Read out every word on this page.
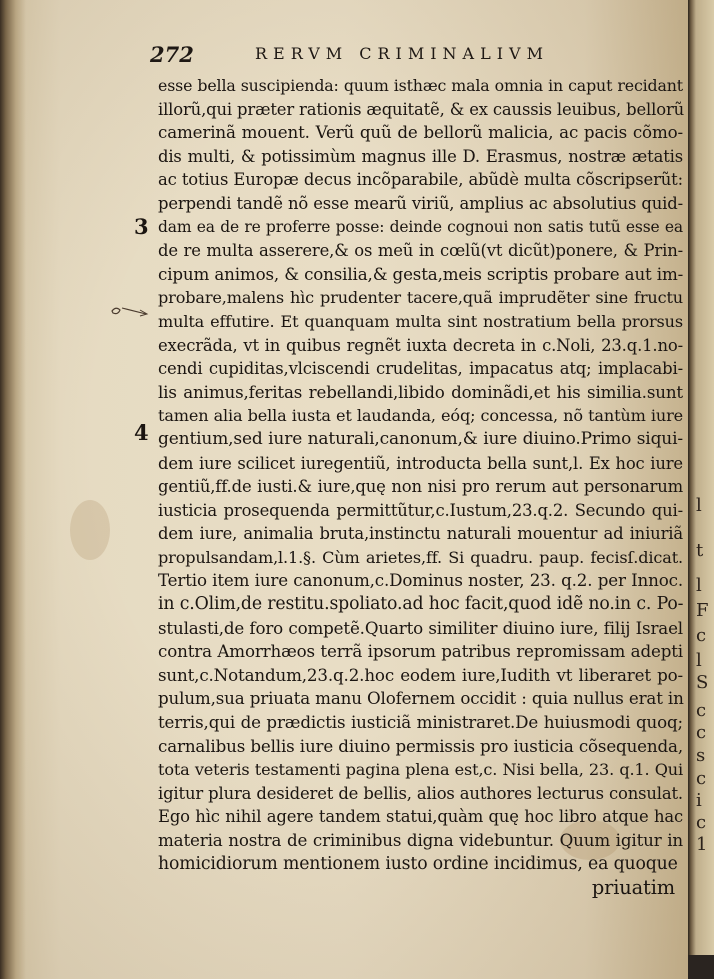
272	RERVM CRIMINALIVM
3
4
esse bella suscipienda: quum isthæc mala omnia in caput recidant
illorũ,qui præter rationis æquitatẽ, & ex caussis leuibus, bellorũ
camerinã mouent. Verũ quũ de bellorũ malicia, ac pacis cõmo-
dis multi, & potissimùm magnus ille D. Erasmus, nostræ ætatis
ac totius Europæ decus incõparabile, abũdè multa cõscripserũt:
perpendi tandẽ nõ esse mearũ viriũ, amplius ac absolutius quid-
dam ea de re proferre posse: deinde cognoui non satis tutũ esse ea
de re multa asserere,& os meũ in cœlũ(vt dicũt)ponere, & Prin-
cipum animos, & consilia,& gesta,meis scriptis probare aut im-
probare,malens hìc prudenter tacere,quã imprudẽter sine fructu
multa effutire. Et quanquam multa sint nostratium bella prorsus
execrãda, vt in quibus regnẽt iuxta decreta in c.Noli, 23.q.1.no-
cendi cupiditas,vlciscendi crudelitas, impacatus atq; implacabi-
lis animus,feritas rebellandi,libido dominãdi,et his similia.sunt
tamen alia bella iusta et laudanda, eóq; concessa, nõ tantùm iure
gentium,sed iure naturali,canonum,& iure diuino.Primo siqui-
dem iure scilicet iuregentiũ, introducta bella sunt,l. Ex hoc iure
gentiũ,ff.de iusti.& iure,quę non nisi pro rerum aut personarum
iusticia prosequenda permittũtur,c.Iustum,23.q.2. Secundo qui-
dem iure, animalia bruta,instinctu naturali mouentur ad iniuriã
propulsandam,l.1.§. Cùm arietes,ff. Si quadru. paup. fecisſ.dicat.
Tertio item iure canonum,c.Dominus noster, 23. q.2. per Innoc.
in c.Olim,de restitu.spoliato.ad hoc facit,quod idẽ no.in c. Po-
stulasti,de foro competẽ.Quarto similiter diuino iure, filij Israel
contra Amorrhæos terrã ipsorum patribus repromissam adepti
sunt,c.Notandum,23.q.2.hoc eodem iure,Iudith vt liberaret po-
pulum,sua priuata manu Olofernem occidit : quia nullus erat in
terris,qui de prædictis iusticiã ministraret.De huiusmodi quoq;
carnalibus bellis iure diuino permissis pro iusticia cõsequenda,
tota veteris testamenti pagina plena est,c. Nisi bella, 23. q.1. Qui
igitur plura desideret de bellis, alios authores lecturus consulat.
Ego hìc nihil agere tandem statui,quàm quę hoc libro atque hac
materia nostra de criminibus digna videbuntur. Quum igitur in
homicidiorum mentionem iusto ordine incidimus, ea quoque
priuatim
l
t
l
F
c
l
S
c
c
s
c
i
c
1
